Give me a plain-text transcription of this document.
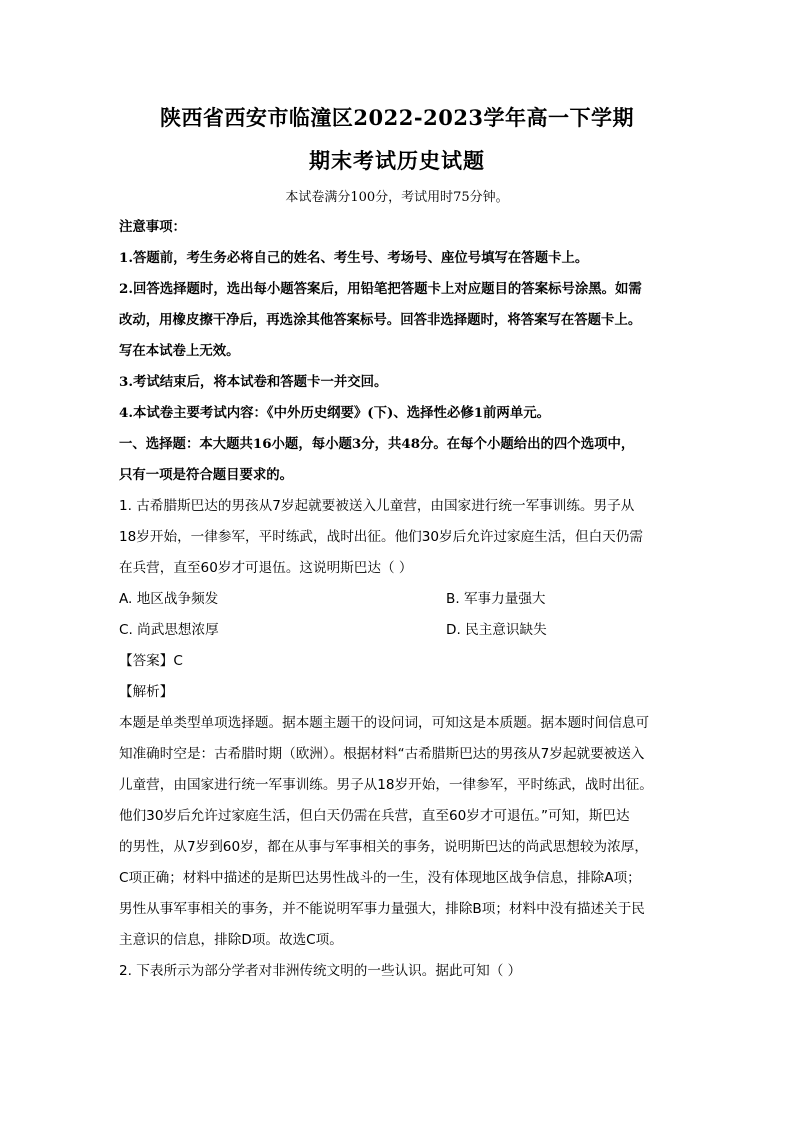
陕西省西安市临潼区2022-2023学年高一下学期
期末考试历史试题
本试卷满分100分，考试用时75分钟。
注意事项：
1.答题前，考生务必将自己的姓名、考生号、考场号、座位号填写在答题卡上。
2.回答选择题时，选出每小题答案后，用铅笔把答题卡上对应题目的答案标号涂黑。如需
改动，用橡皮擦干净后，再选涂其他答案标号。回答非选择题时，将答案写在答题卡上。
写在本试卷上无效。
3.考试结束后，将本试卷和答题卡一并交回。
4.本试卷主要考试内容：《中外历史纲要》(下)、选择性必修1前两单元。
一、选择题：本大题共16小题，每小题3分，共48分。在每个小题给出的四个选项中，
只有一项是符合题目要求的。
1. 古希腊斯巴达的男孩从7岁起就要被送入儿童营，由国家进行统一军事训练。男子从
18岁开始，一律参军，平时练武，战时出征。他们30岁后允许过家庭生活，但白天仍需
在兵营，直至60岁才可退伍。这说明斯巴达（ ）
A. 地区战争频发	B. 军事力量强大
C. 尚武思想浓厚	D. 民主意识缺失
【答案】C
【解析】
本题是单类型单项选择题。据本题主题干的设问词，可知这是本质题。据本题时间信息可
知准确时空是：古希腊时期（欧洲）。根据材料“古希腊斯巴达的男孩从7岁起就要被送入
儿童营，由国家进行统一军事训练。男子从18岁开始，一律参军，平时练武，战时出征。
他们30岁后允许过家庭生活，但白天仍需在兵营，直至60岁才可退伍。”可知，斯巴达
的男性，从7岁到60岁，都在从事与军事相关的事务，说明斯巴达的尚武思想较为浓厚，
C项正确；材料中描述的是斯巴达男性战斗的一生，没有体现地区战争信息，排除A项；
男性从事军事相关的事务，并不能说明军事力量强大，排除B项；材料中没有描述关于民
主意识的信息，排除D项。故选C项。
2. 下表所示为部分学者对非洲传统文明的一些认识。据此可知（ ）
